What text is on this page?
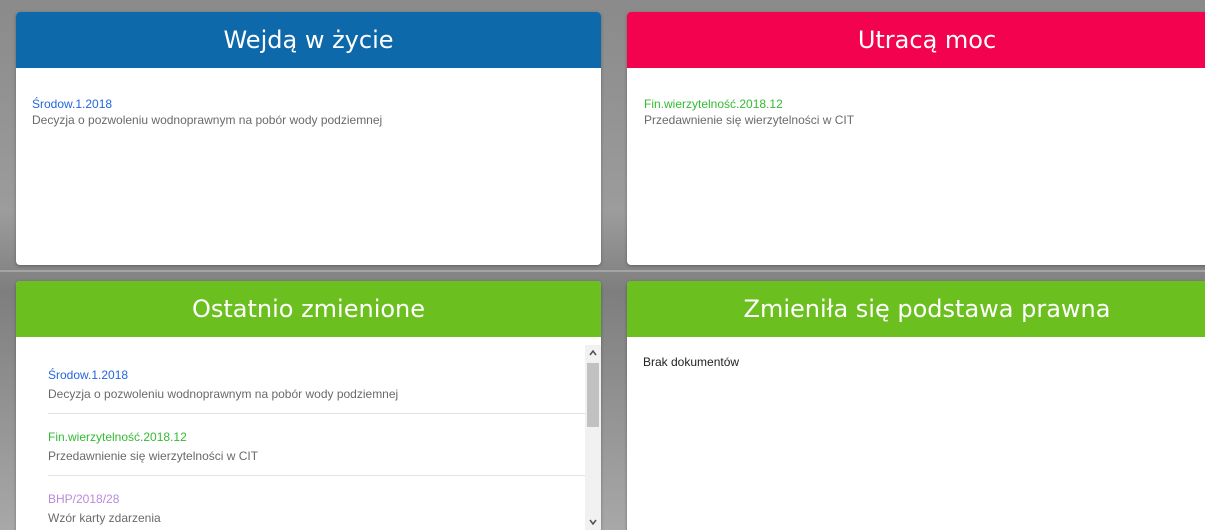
Wejdą w życie
Środow.1.2018
Decyzja o pozwoleniu wodnoprawnym na pobór wody podziemnej
Utracą moc
Fin.wierzytelność.2018.12
Przedawnienie się wierzytelności w CIT
Ostatnio zmienione
Środow.1.2018
Decyzja o pozwoleniu wodnoprawnym na pobór wody podziemnej
Fin.wierzytelność.2018.12
Przedawnienie się wierzytelności w CIT
BHP/2018/28
Wzór karty zdarzenia
Zmieniła się podstawa prawna
Brak dokumentów
